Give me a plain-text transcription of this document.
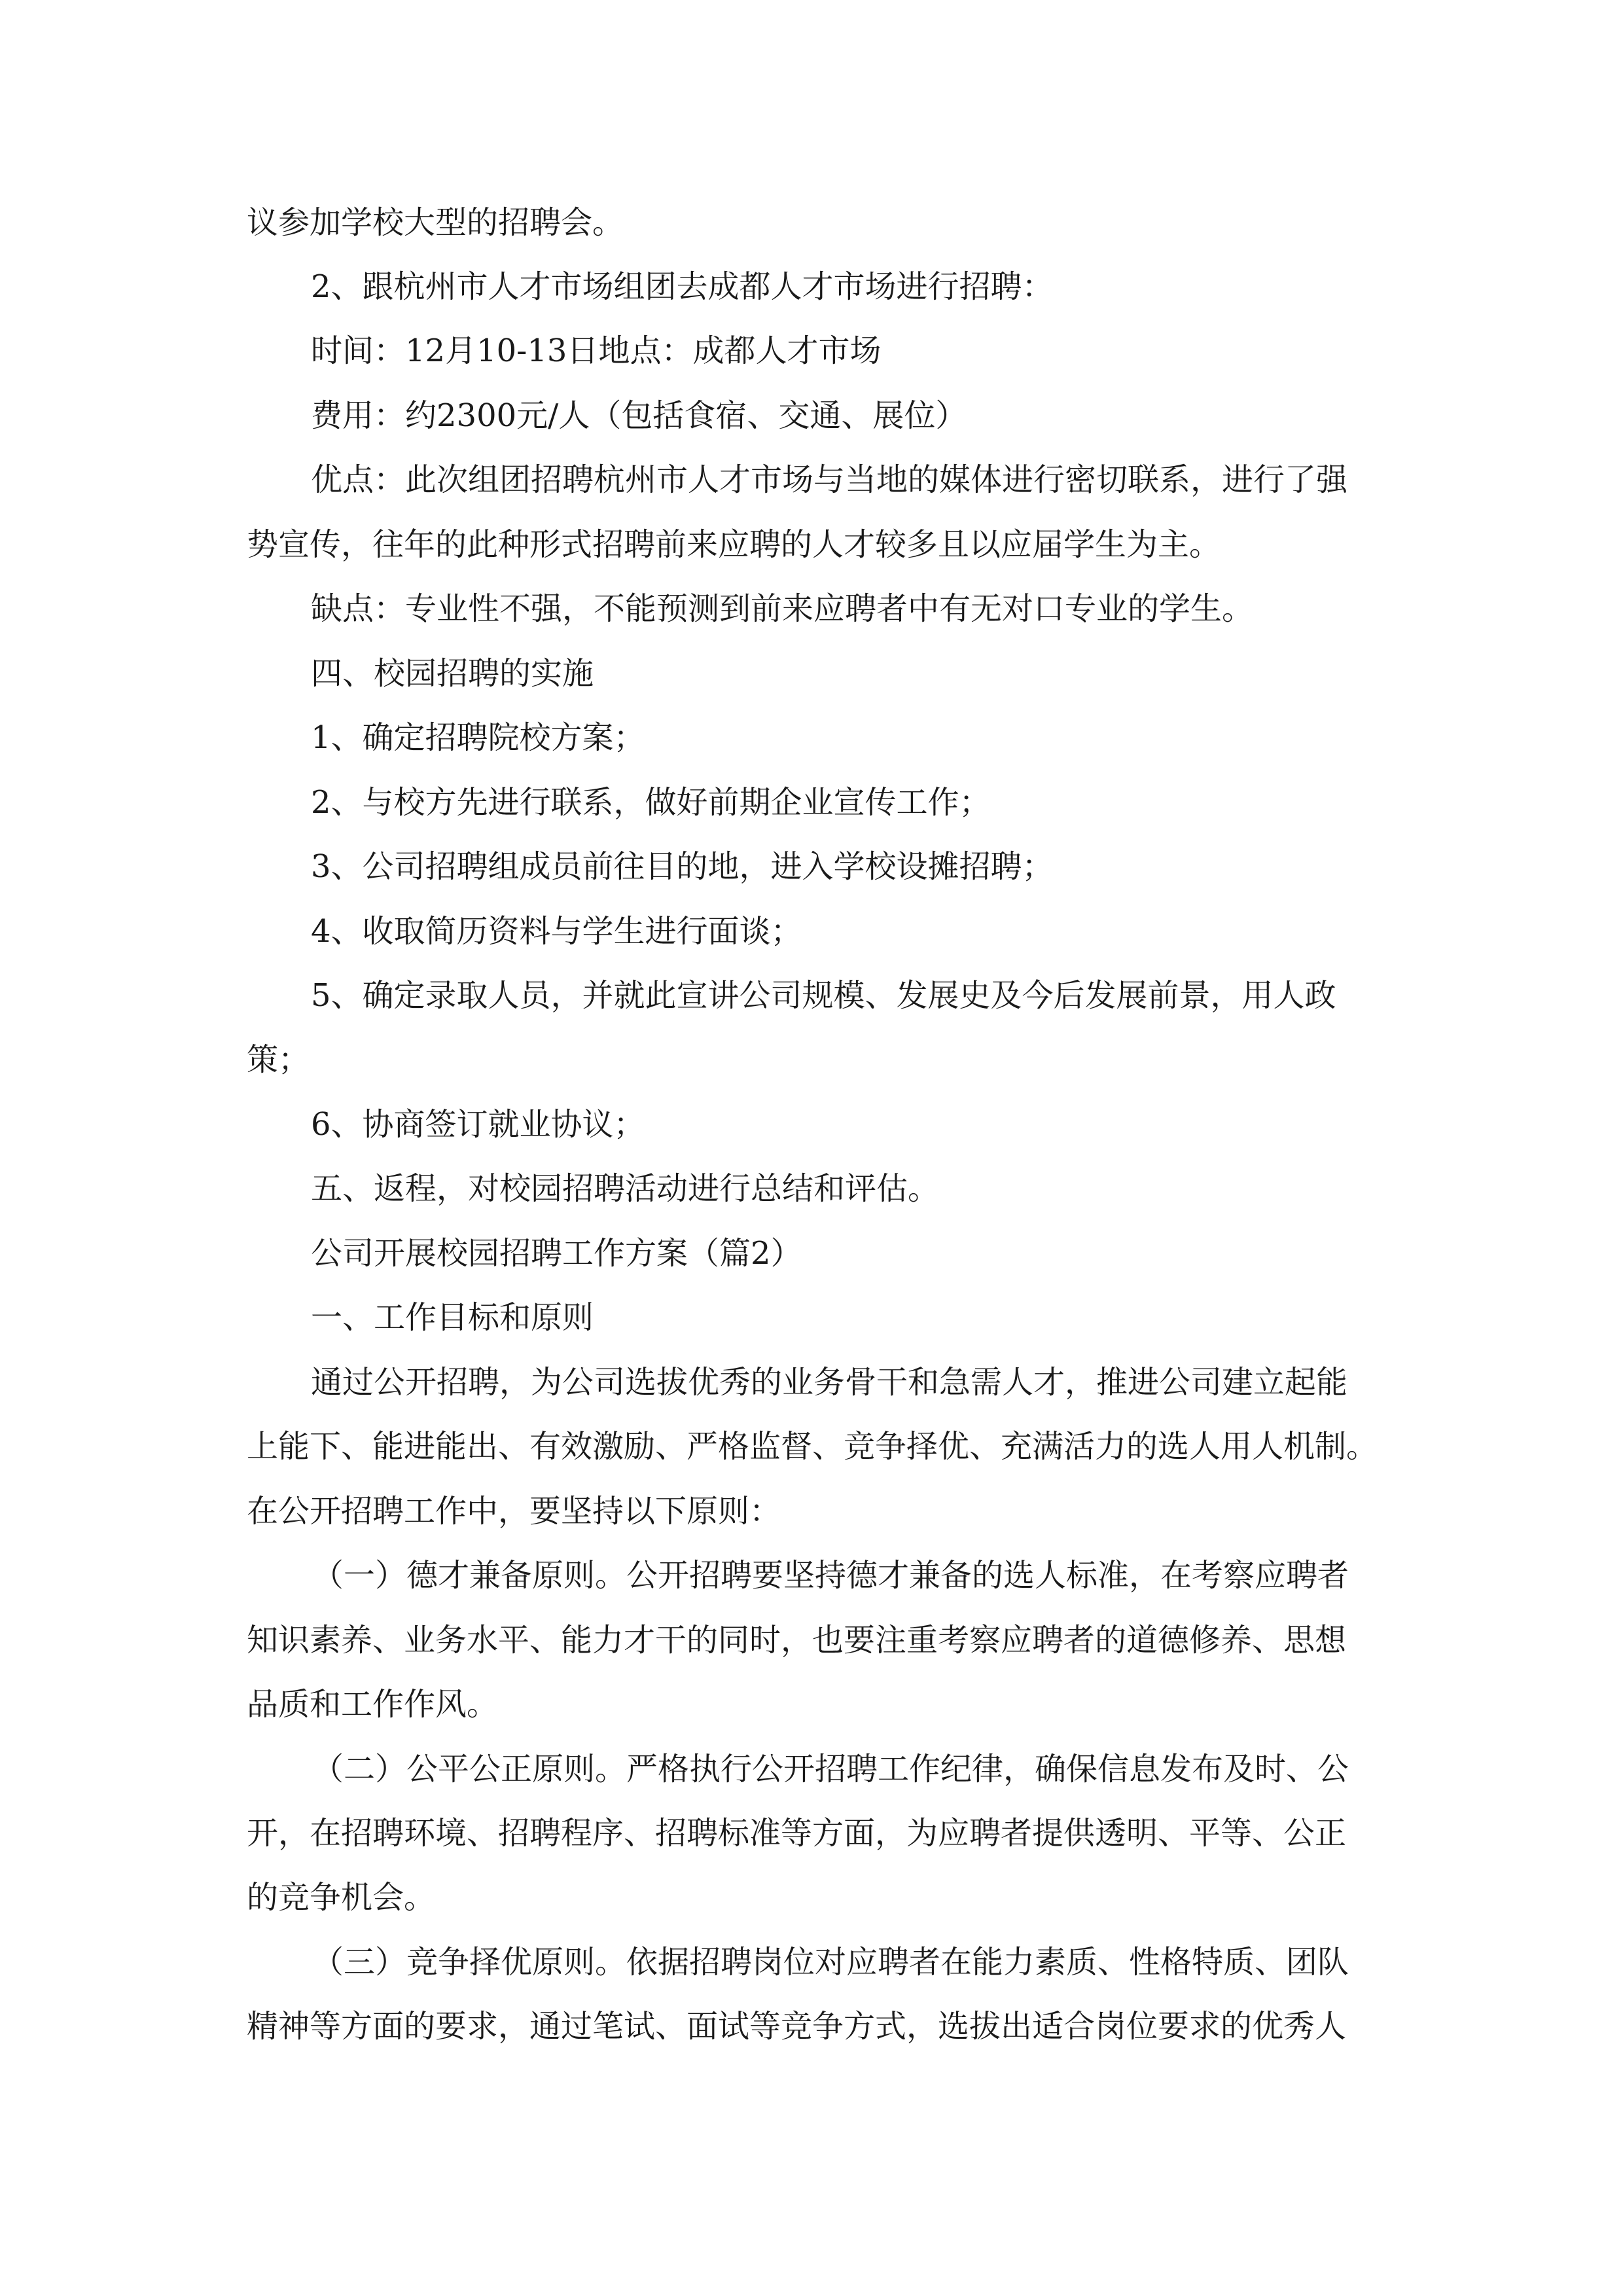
议参加学校大型的招聘会。
2、跟杭州市人才市场组团去成都人才市场进行招聘：
时间：12月10-13日地点：成都人才市场
费用：约2300元/人（包括食宿、交通、展位）
优点：此次组团招聘杭州市人才市场与当地的媒体进行密切联系，进行了强
势宣传，往年的此种形式招聘前来应聘的人才较多且以应届学生为主。
缺点：专业性不强，不能预测到前来应聘者中有无对口专业的学生。
四、校园招聘的实施
1、确定招聘院校方案；
2、与校方先进行联系，做好前期企业宣传工作；
3、公司招聘组成员前往目的地，进入学校设摊招聘；
4、收取简历资料与学生进行面谈；
5、确定录取人员，并就此宣讲公司规模、发展史及今后发展前景，用人政
策；
6、协商签订就业协议；
五、返程，对校园招聘活动进行总结和评估。
公司开展校园招聘工作方案（篇2）
一、工作目标和原则
通过公开招聘，为公司选拔优秀的业务骨干和急需人才，推进公司建立起能
上能下、能进能出、有效激励、严格监督、竞争择优、充满活力的选人用人机制。
在公开招聘工作中，要坚持以下原则：
（一）德才兼备原则。公开招聘要坚持德才兼备的选人标准，在考察应聘者
知识素养、业务水平、能力才干的同时，也要注重考察应聘者的道德修养、思想
品质和工作作风。
（二）公平公正原则。严格执行公开招聘工作纪律，确保信息发布及时、公
开，在招聘环境、招聘程序、招聘标准等方面，为应聘者提供透明、平等、公正
的竞争机会。
（三）竞争择优原则。依据招聘岗位对应聘者在能力素质、性格特质、团队
精神等方面的要求，通过笔试、面试等竞争方式，选拔出适合岗位要求的优秀人
